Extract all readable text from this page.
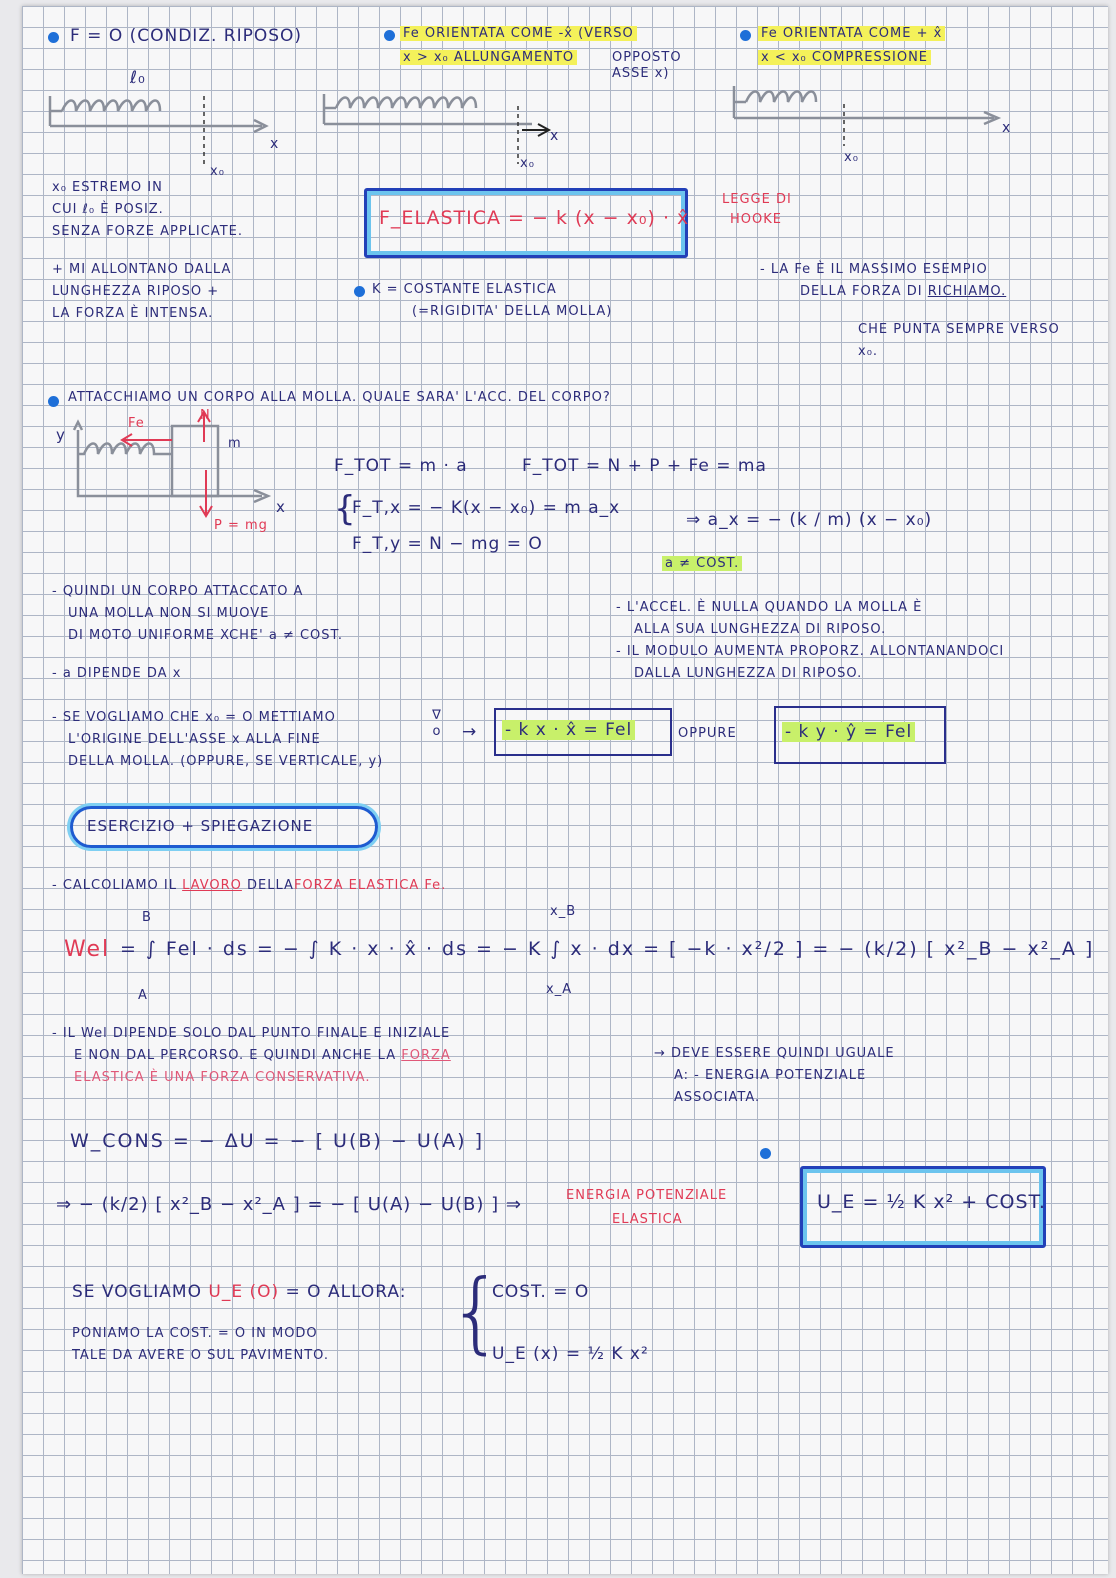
F = O (CONDIZ. RIPOSO)
ℓ₀
x₀
Fe ORIENTATA COME -x̂ (VERSO
x > x₀ ALLUNGAMENTO	OPPOSTO ASSE x)
x₀
Fe ORIENTATA COME + x̂
x < x₀ COMPRESSIONE
x₀
x	x
x
x₀ ESTREMO IN
CUI ℓ₀ È POSIZ.
SENZA FORZE APPLICATE.
F_ELASTICA = − k (x − x₀) · x̂
LEGGE DI
HOOKE
+ MI ALLONTANO DALLA
LUNGHEZZA RIPOSO +
LA FORZA È INTENSA.
K = COSTANTE ELASTICA
(=RIGIDITA' DELLA MOLLA)
- LA Fe È IL MASSIMO ESEMPIO
DELLA FORZA DI RICHIAMO.
CHE PUNTA SEMPRE VERSO
x₀.
ATTACCHIAMO UN CORPO ALLA MOLLA. QUALE SARA' L'ACC. DEL CORPO?
y
x
Fe
N
m
P = mg
F_TOT = m · a	F_TOT = N + P + Fe = ma
{
F_T,x = − K(x − x₀) = m a_x
F_T,y = N − mg = O
⇒ a_x = − (k / m) (x − x₀)
a ≠ COST.
- QUINDI UN CORPO ATTACCATO A
UNA MOLLA NON SI MUOVE
DI MOTO UNIFORME XCHE' a ≠ COST.
- a DIPENDE DA x
- L'ACCEL. È NULLA QUANDO LA MOLLA È
ALLA SUA LUNGHEZZA DI RIPOSO.
- IL MODULO AUMENTA PROPORZ. ALLONTANANDOCI
DALLA LUNGHEZZA DI RIPOSO.
- SE VOGLIAMO CHE x₀ = O METTIAMO
L'ORIGINE DELL'ASSE x ALLA FINE
DELLA MOLLA. (OPPURE, SE VERTICALE, y)
∇ o → - k x · x̂ = Fel	OPPURE	- k y · ŷ = Fel
ESERCIZIO + SPIEGAZIONE
- CALCOLIAMO IL LAVORO DELLAFORZA ELASTICA Fe.
Wel = ∫ Fel · ds = − ∫ K · x · x̂ · ds = − K ∫ x · dx = [ −k · x²/2 ] = − (k/2) [ x²_B − x²_A ]
B
A
x_B
x_A
- IL Wel DIPENDE SOLO DAL PUNTO FINALE E INIZIALE
E NON DAL PERCORSO. E QUINDI ANCHE LA FORZA
ELASTICA È UNA FORZA CONSERVATIVA.
→ DEVE ESSERE QUINDI UGUALE
A: - ENERGIA POTENZIALE
ASSOCIATA.
W_CONS = − ΔU = − [ U(B) − U(A) ]
⇒ − (k/2) [ x²_B − x²_A ] = − [ U(A) − U(B) ] ⇒	ENERGIA POTENZIALE
ELASTICA
U_E = ½ K x² + COST.
SE VOGLIAMO U_E (O) = O ALLORA:
PONIAMO LA COST. = O IN MODO
TALE DA AVERE O SUL PAVIMENTO. {
COST. = O
U_E (x) = ½ K x²
